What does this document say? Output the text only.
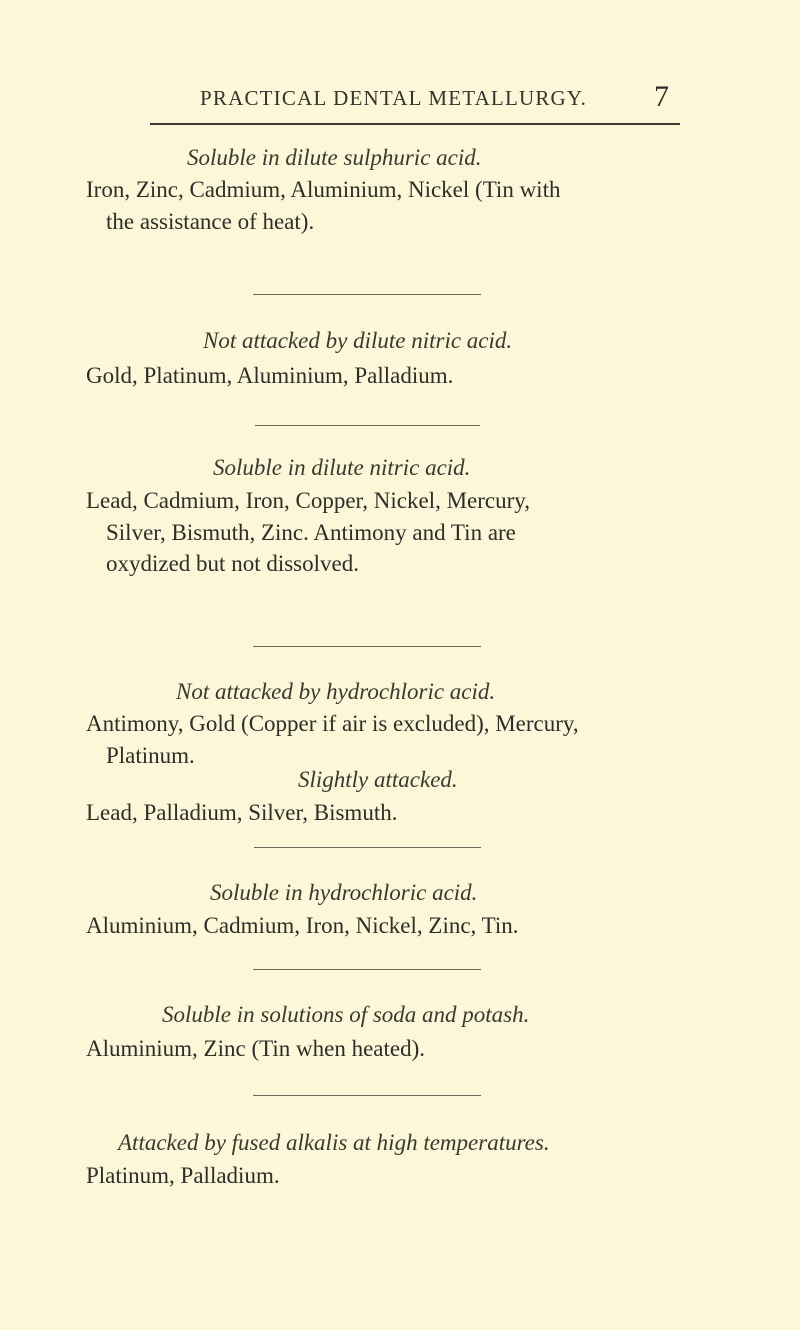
PRACTICAL DENTAL METALLURGY. 7
Soluble in dilute sulphuric acid.
Iron, Zinc, Cadmium, Aluminium, Nickel (Tin with
the assistance of heat).
Not attacked by dilute nitric acid.
Gold, Platinum, Aluminium, Palladium.
Soluble in dilute nitric acid.
Lead, Cadmium, Iron, Copper, Nickel, Mercury,
Silver, Bismuth, Zinc. Antimony and Tin are
oxydized but not dissolved.
Not attacked by hydrochloric acid.
Antimony, Gold (Copper if air is excluded), Mercury,
Platinum.
Slightly attacked.
Lead, Palladium, Silver, Bismuth.
Soluble in hydrochloric acid.
Aluminium, Cadmium, Iron, Nickel, Zinc, Tin.
Soluble in solutions of soda and potash.
Aluminium, Zinc (Tin when heated).
Attacked by fused alkalis at high temperatures.
Platinum, Palladium.
